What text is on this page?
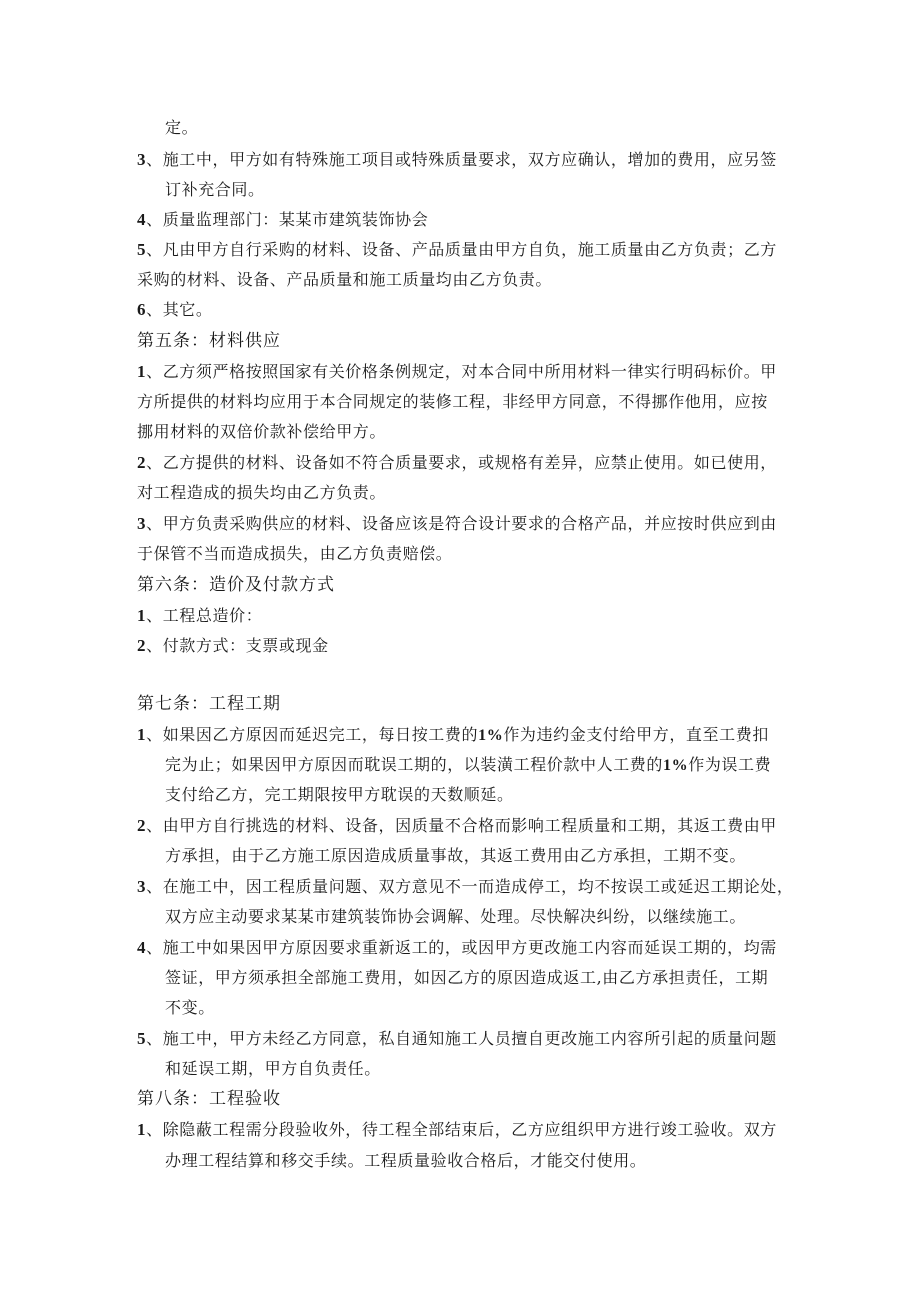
定。
3、施工中，甲方如有特殊施工项目或特殊质量要求，双方应确认，增加的费用，应另签
订补充合同。
4、质量监理部门：某某市建筑装饰协会
5、凡由甲方自行采购的材料、设备、产品质量由甲方自负，施工质量由乙方负责；乙方
采购的材料、设备、产品质量和施工质量均由乙方负责。
6、其它。
第五条：材料供应
1、乙方须严格按照国家有关价格条例规定，对本合同中所用材料一律实行明码标价。甲
方所提供的材料均应用于本合同规定的装修工程，非经甲方同意，不得挪作他用，应按
挪用材料的双倍价款补偿给甲方。
2、乙方提供的材料、设备如不符合质量要求，或规格有差异，应禁止使用。如已使用，
对工程造成的损失均由乙方负责。
3、甲方负责采购供应的材料、设备应该是符合设计要求的合格产品，并应按时供应到由
于保管不当而造成损失，由乙方负责赔偿。
第六条：造价及付款方式
1、工程总造价：
2、付款方式：支票或现金
第七条：工程工期
1、如果因乙方原因而延迟完工，每日按工费的1%作为违约金支付给甲方，直至工费扣
完为止；如果因甲方原因而耽误工期的，以装潢工程价款中人工费的1%作为误工费
支付给乙方，完工期限按甲方耽误的天数顺延。
2、由甲方自行挑选的材料、设备，因质量不合格而影响工程质量和工期，其返工费由甲
方承担，由于乙方施工原因造成质量事故，其返工费用由乙方承担，工期不变。
3、在施工中，因工程质量问题、双方意见不一而造成停工，均不按误工或延迟工期论处，
双方应主动要求某某市建筑装饰协会调解、处理。尽快解决纠纷，以继续施工。
4、施工中如果因甲方原因要求重新返工的，或因甲方更改施工内容而延误工期的，均需
签证，甲方须承担全部施工费用，如因乙方的原因造成返工,由乙方承担责任，工期
不变。
5、施工中，甲方未经乙方同意，私自通知施工人员擅自更改施工内容所引起的质量问题
和延误工期，甲方自负责任。
第八条：工程验收
1、除隐蔽工程需分段验收外，待工程全部结束后，乙方应组织甲方进行竣工验收。双方
办理工程结算和移交手续。工程质量验收合格后，才能交付使用。
